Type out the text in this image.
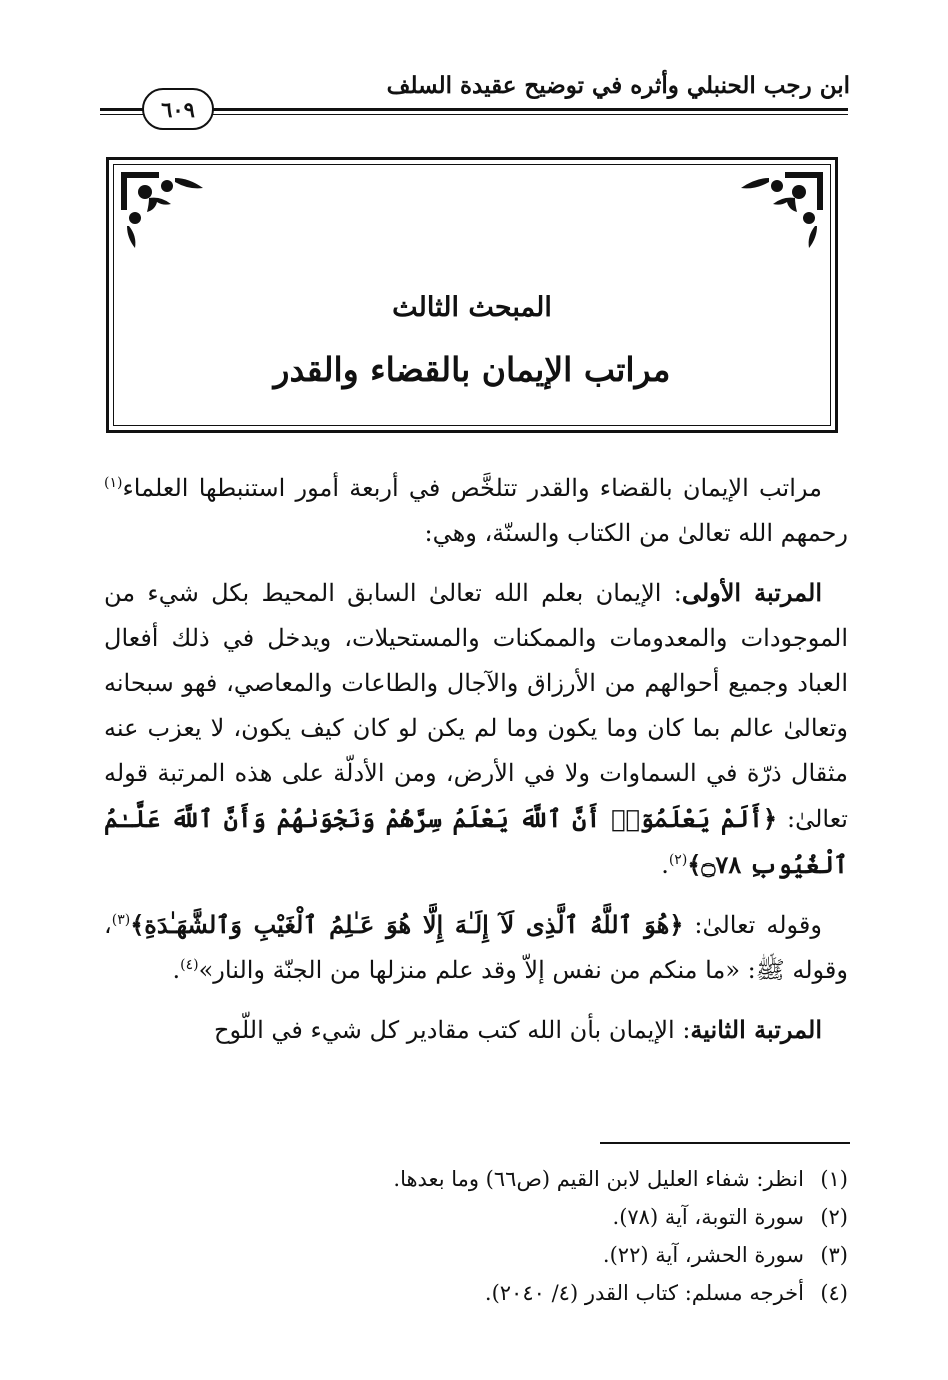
ابن رجب الحنبلي وأثره في توضيح عقيدة السلف
٦٠٩
المبحث الثالث
مراتب الإيمان بالقضاء والقدر

مراتب الإيمان بالقضاء والقدر تتلخَّص في أربعة أمور استنبطها العلماء$^{(١)}$ رحمهم الله تعالىٰ من الكتاب والسنّة، وهي:

المرتبة الأولى: الإيمان بعلم الله تعالىٰ السابق المحيط بكل شيء من الموجودات والمعدومات والممكنات والمستحيلات، ويدخل في ذلك أفعال العباد وجميع أحوالهم من الأرزاق والآجال والطاعات والمعاصي، فهو سبحانه وتعالىٰ عالم بما كان وما يكون وما لم يكن لو كان كيف يكون، لا يعزب عنه مثقال ذرّة في السماوات ولا في الأرض، ومن الأدلّة على هذه المرتبة قوله تعالىٰ: ﴿أَلَمْ يَعْلَمُوٓا۟ أَنَّ ٱللَّهَ يَعْلَمُ سِرَّهُمْ وَنَجْوَىٰهُمْ وَأَنَّ ٱللَّهَ عَلَّـٰمُ ٱلْغُيُوبِ ۝٧٨﴾$^{(٢)}$.

وقوله تعالىٰ: ﴿هُوَ ٱللَّهُ ٱلَّذِى لَآ إِلَـٰهَ إِلَّا هُوَ عَـٰلِمُ ٱلْغَيْبِ وَٱلشَّهَـٰدَةِ﴾$^{(٣)}$، وقوله ﷺ: «ما منكم من نفس إلاّ وقد علم منزلها من الجنّة والنار»$^{(٤)}$.

المرتبة الثانية: الإيمان بأن الله كتب مقادير كل شيء في اللّوح

(١)
انظر: شفاء العليل لابن القيم (ص٦٦) وما بعدها.
(٢)
سورة التوبة، آية (٧٨).
(٣)
سورة الحشر، آية (٢٢).
(٤)
أخرجه مسلم: كتاب القدر (٤/ ٢٠٤٠).
